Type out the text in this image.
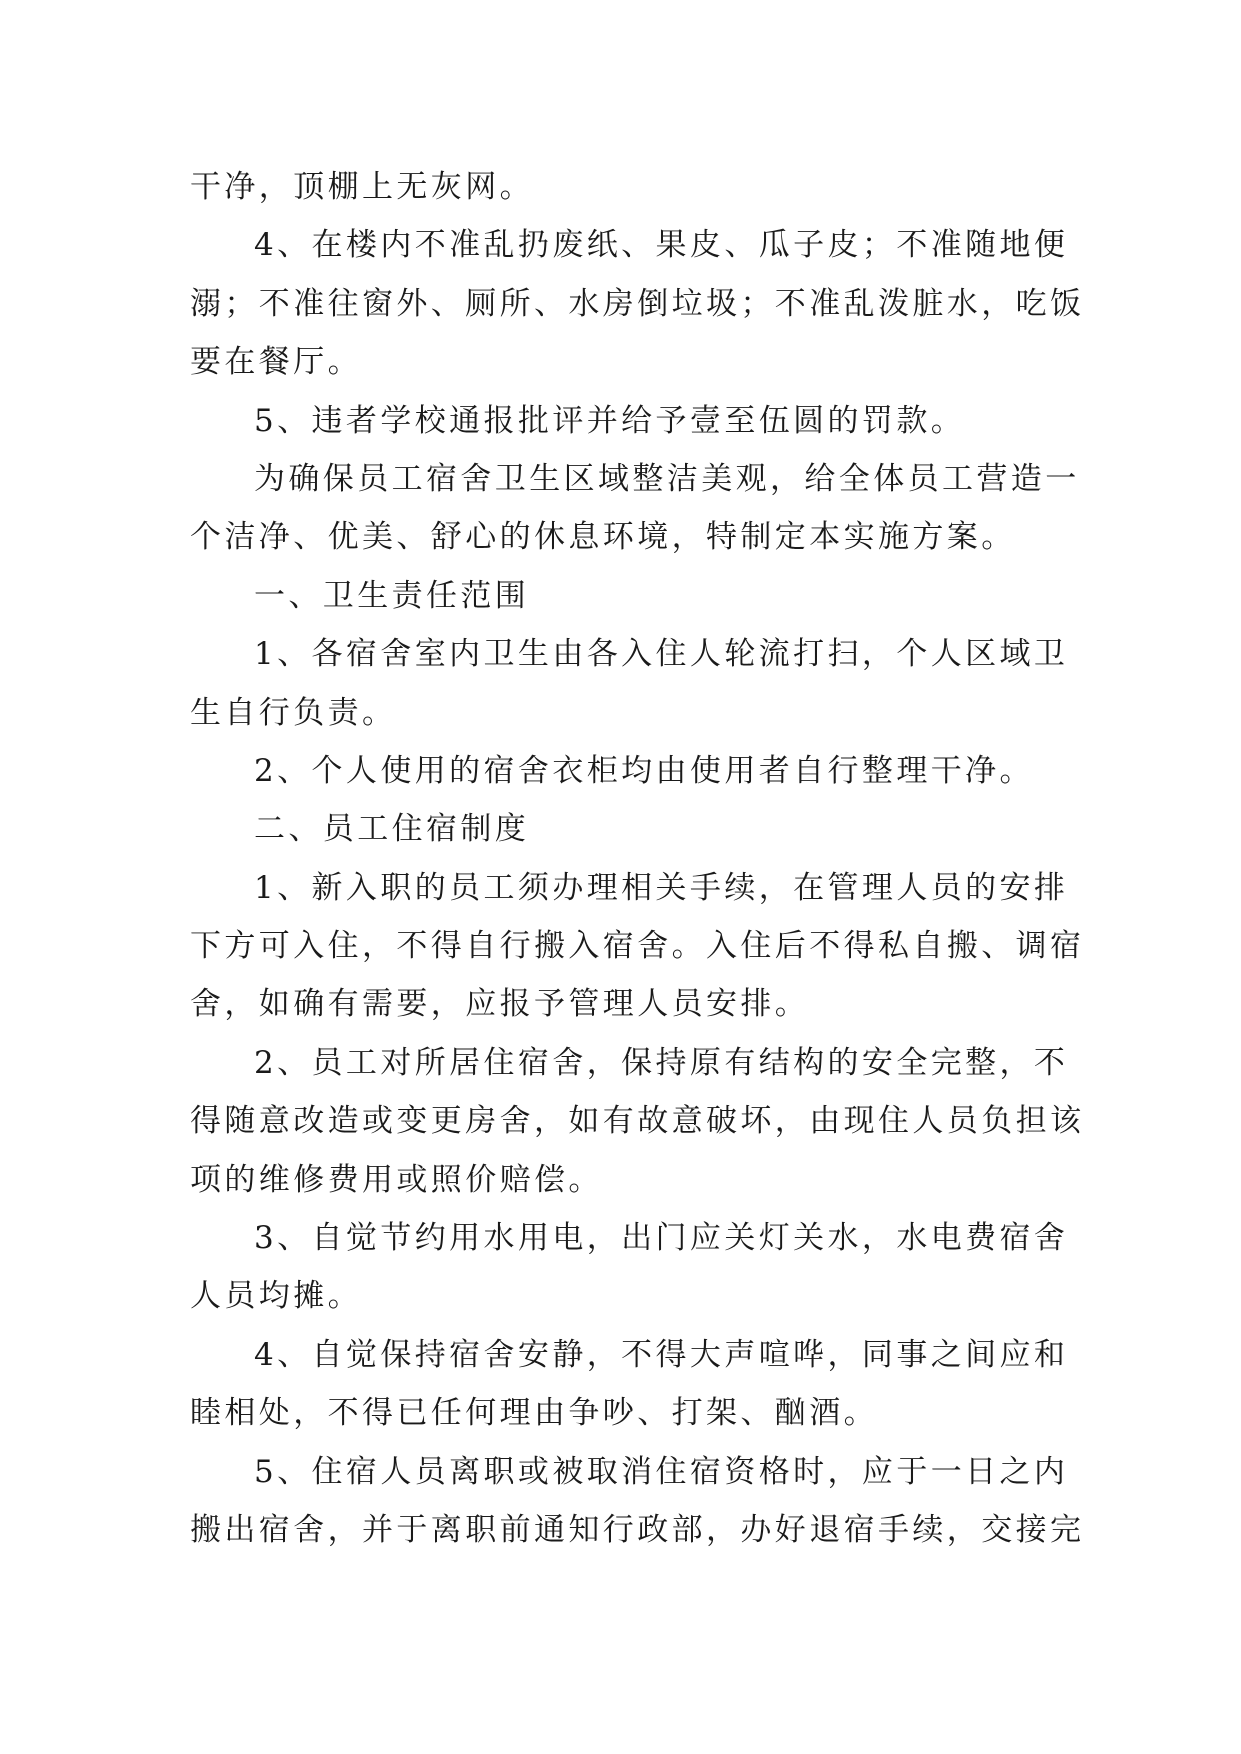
干净，顶棚上无灰网。
4、在楼内不准乱扔废纸、果皮、瓜子皮；不准随地便
溺；不准往窗外、厕所、水房倒垃圾；不准乱泼脏水，吃饭
要在餐厅。
5、违者学校通报批评并给予壹至伍圆的罚款。
为确保员工宿舍卫生区域整洁美观，给全体员工营造一
个洁净、优美、舒心的休息环境，特制定本实施方案。
一、卫生责任范围
1、各宿舍室内卫生由各入住人轮流打扫，个人区域卫
生自行负责。
2、个人使用的宿舍衣柜均由使用者自行整理干净。
二、员工住宿制度
1、新入职的员工须办理相关手续，在管理人员的安排
下方可入住，不得自行搬入宿舍。入住后不得私自搬、调宿
舍，如确有需要，应报予管理人员安排。
2、员工对所居住宿舍，保持原有结构的安全完整，不
得随意改造或变更房舍，如有故意破坏，由现住人员负担该
项的维修费用或照价赔偿。
3、自觉节约用水用电，出门应关灯关水，水电费宿舍
人员均摊。
4、自觉保持宿舍安静，不得大声喧哗，同事之间应和
睦相处，不得已任何理由争吵、打架、酗酒。
5、住宿人员离职或被取消住宿资格时，应于一日之内
搬出宿舍，并于离职前通知行政部，办好退宿手续，交接完
